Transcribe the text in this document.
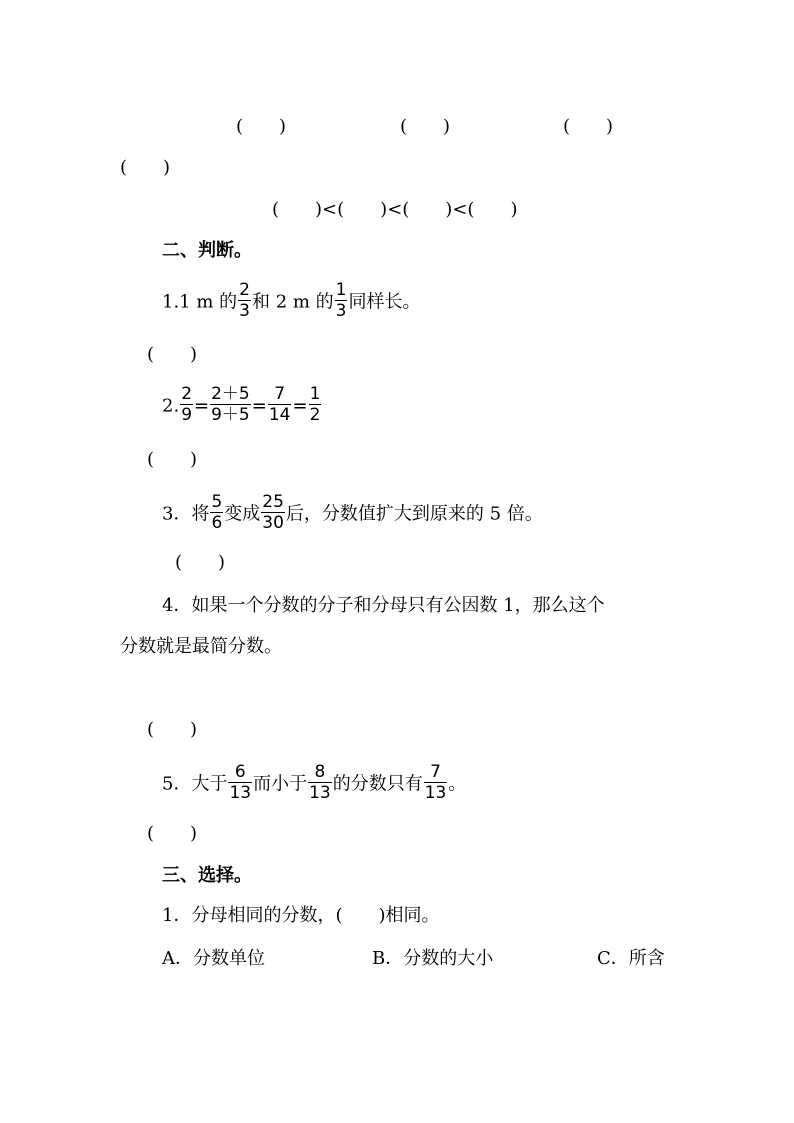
(　　)	(　　)	(　　)
(　　)
(　　)<(　　)<(　　)<(　　)
二、判断。
1.1 m 的 $\frac{2}{3}$ 和 2 m 的 $\frac{1}{3}$ 同样长。
(　　)
2. $\frac{2}{9} = \frac{2+5}{9+5} = \frac{7}{14} = \frac{1}{2}$
(　　)
3．将 $\frac{5}{6}$ 变成 $\frac{25}{30}$ 后，分数值扩大到原来的 5 倍。
(　　)
4．如果一个分数的分子和分母只有公因数 1，那么这个
分数就是最简分数。
(　　)
5．大于 $\frac{6}{13}$ 而小于 $\frac{8}{13}$ 的分数只有 $\frac{7}{13}$ 。
(　　)
三、选择。
1．分母相同的分数，(　　)相同。
A．分数单位	B．分数的大小	C．所含
